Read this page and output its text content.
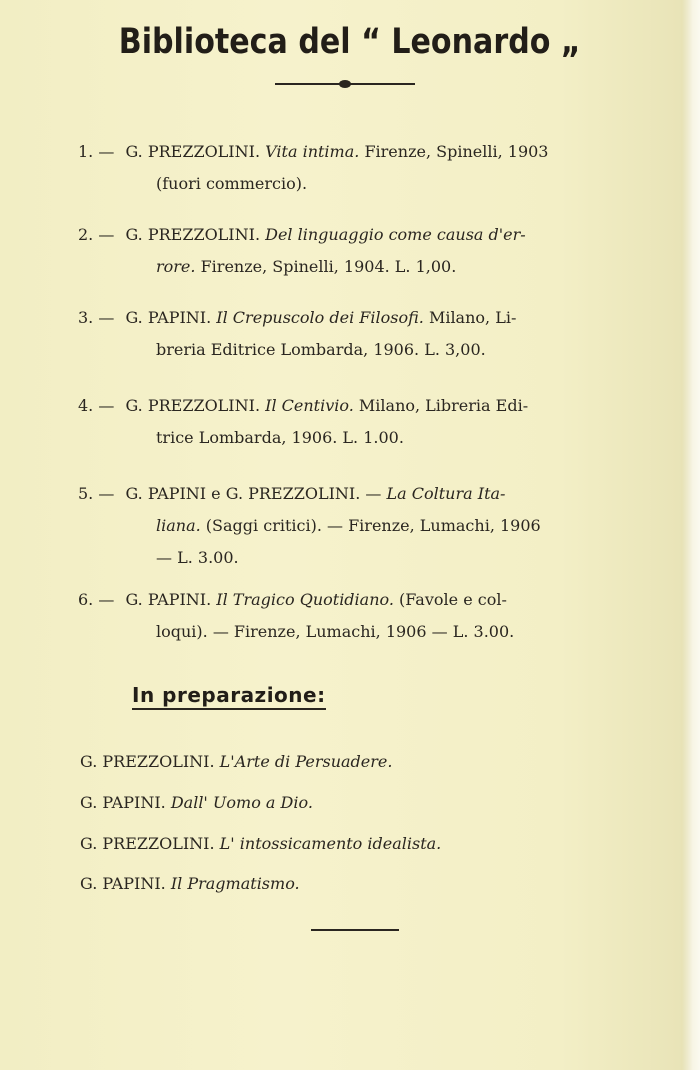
Biblioteca del “ Leonardo „
1. — G. PREZZOLINI. Vita intima. Firenze, Spinelli, 1903
(fuori commercio).
2. — G. PREZZOLINI. Del linguaggio come causa d'er-
rore. Firenze, Spinelli, 1904. L. 1,00.
3. — G. PAPINI. Il Crepuscolo dei Filosofi. Milano, Li-
breria Editrice Lombarda, 1906. L. 3,00.
4. — G. PREZZOLINI. Il Centivio. Milano, Libreria Edi-
trice Lombarda, 1906. L. 1.00.
5. — G. PAPINI e G. PREZZOLINI. — La Coltura Ita-
liana. (Saggi critici). — Firenze, Lumachi, 1906
— L. 3.00.
6. — G. PAPINI. Il Tragico Quotidiano. (Favole e col-
loqui). — Firenze, Lumachi, 1906 — L. 3.00.
In preparazione:
G. PREZZOLINI. L'Arte di Persuadere.
G. PAPINI. Dall' Uomo a Dio.
G. PREZZOLINI. L' intossicamento idealista.
G. PAPINI. Il Pragmatismo.
